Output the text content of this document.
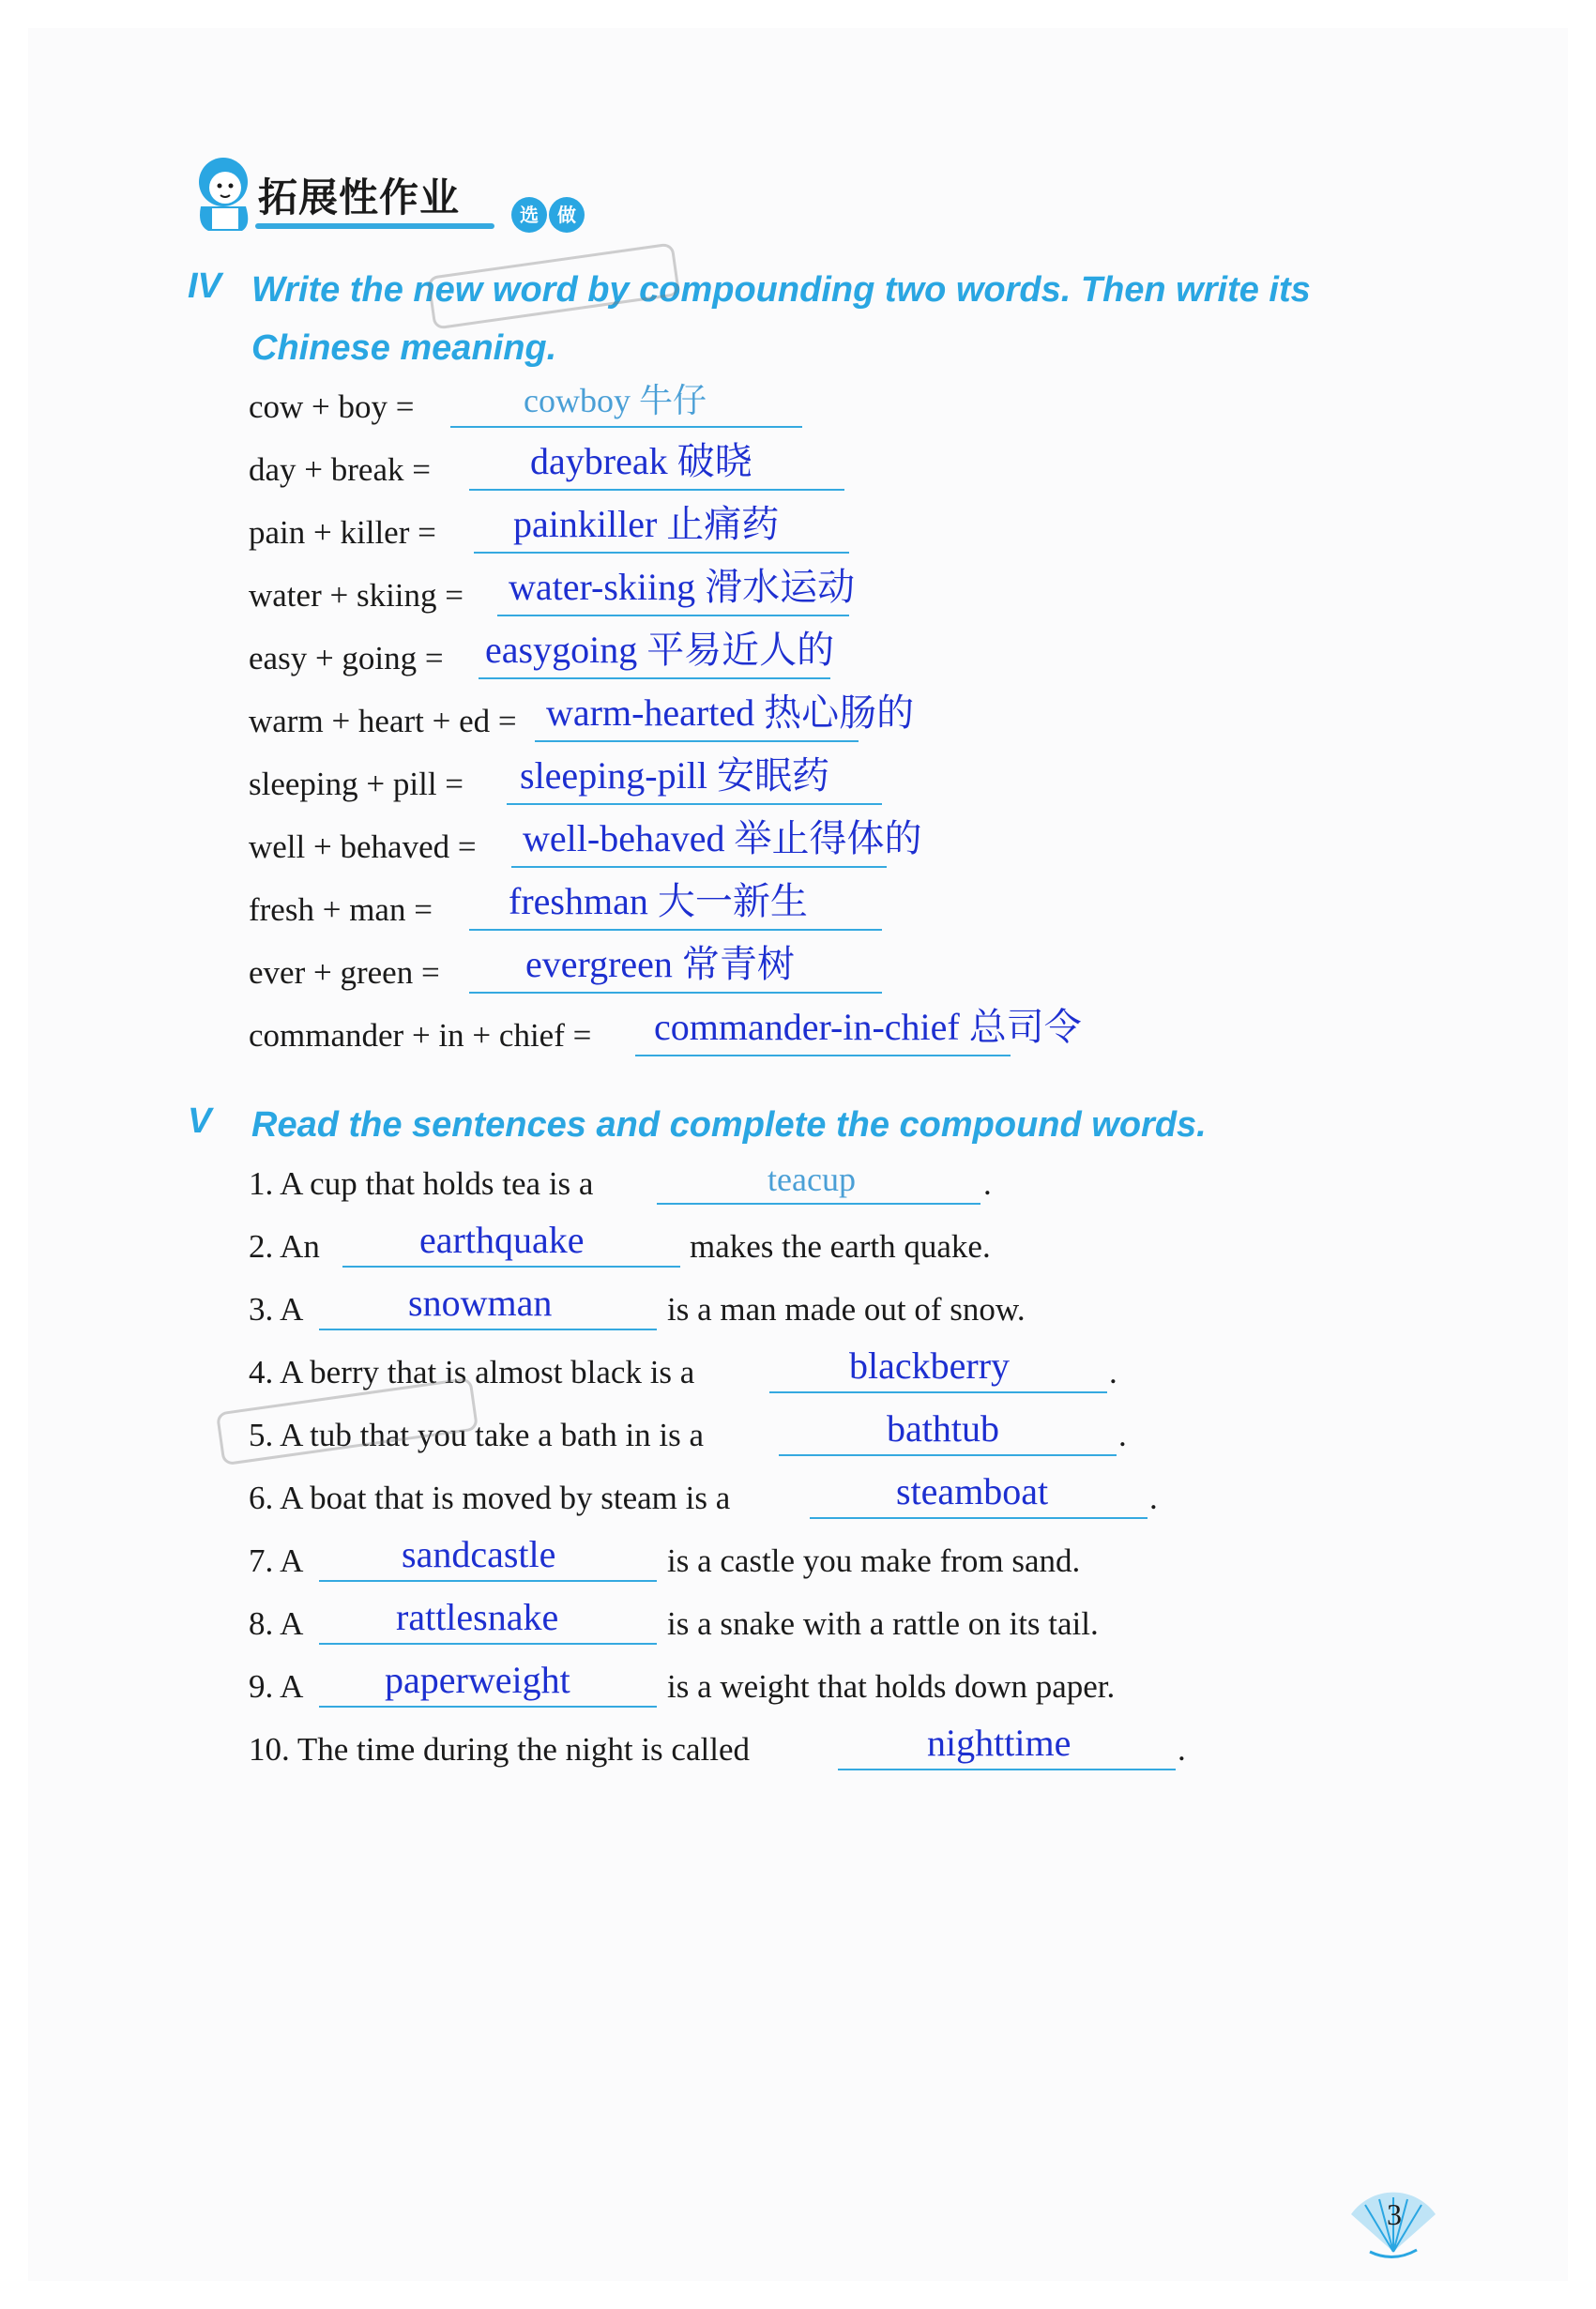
拓展性作业	选	做
IV Write the new word by compounding two words. Then write its
Chinese meaning.
cow + boy =	cowboy 牛仔
day + break =	daybreak 破晓
pain + killer = painkiller 止痛药
water + skiing = water-skiing 滑水运动
easy + going = easygoing 平易近人的
warm + heart + ed = warm-hearted 热心肠的
sleeping + pill = sleeping-pill 安眠药
well + behaved = well-behaved 举止得体的
fresh + man = freshman 大一新生
ever + green = evergreen 常青树
commander + in + chief = commander-in-chief 总司令
V Read the sentences and complete the compound words.
1. A cup that holds tea is a	teacup	.
2. An	earthquake	makes the earth quake.
3. A	snowman	is a man made out of snow.
4. A berry that is almost black is a	blackberry	.
5. A tub that you take a bath in is a	bathtub	.
6. A boat that is moved by steam is a	steamboat	.
7. A	sandcastle	is a castle you make from sand.
8. A rattlesnake	is a snake with a rattle on its tail.
9. A paperweight	is a weight that holds down paper.
10. The time during the night is called	nighttime	.
3
